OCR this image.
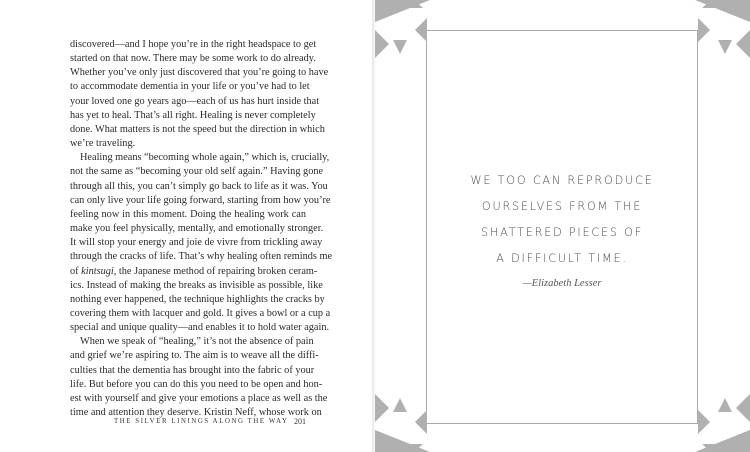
discovered—and I hope you’re in the right headspace to get
started on that now. There may be some work to do already.
Whether you’ve only just discovered that you’re going to have
to accommodate dementia in your life or you’ve had to let
your loved one go years ago—each of us has hurt inside that
has yet to heal. That’s all right. Healing is never completely
done. What matters is not the speed but the direction in which
we’re traveling.
Healing means “becoming whole again,” which is, crucially,
not the same as “becoming your old self again.” Having gone
through all this, you can’t simply go back to life as it was. You
can only live your life going forward, starting from how you’re
feeling now in this moment. Doing the healing work can
make you feel physically, mentally, and emotionally stronger.
It will stop your energy and joie de vivre from trickling away
through the cracks of life. That’s why healing often reminds me
of kintsugi, the Japanese method of repairing broken ceram-
ics. Instead of making the breaks as invisible as possible, like
nothing ever happened, the technique highlights the cracks by
covering them with lacquer and gold. It gives a bowl or a cup a
special and unique quality—and enables it to hold water again.
When we speak of “healing,” it’s not the absence of pain
and grief we’re aspiring to. The aim is to weave all the diffi-
culties that the dementia has brought into the fabric of your
life. But before you can do this you need to be open and hon-
est with yourself and give your emotions a place as well as the
time and attention they deserve. Kristin Neff, whose work on
THE SILVER LININGS ALONG THE WAY 201
WE TOO CAN REPRODUCE
OURSELVES FROM THE
SHATTERED PIECES OF
A DIFFICULT TIME.
—Elizabeth Lesser
